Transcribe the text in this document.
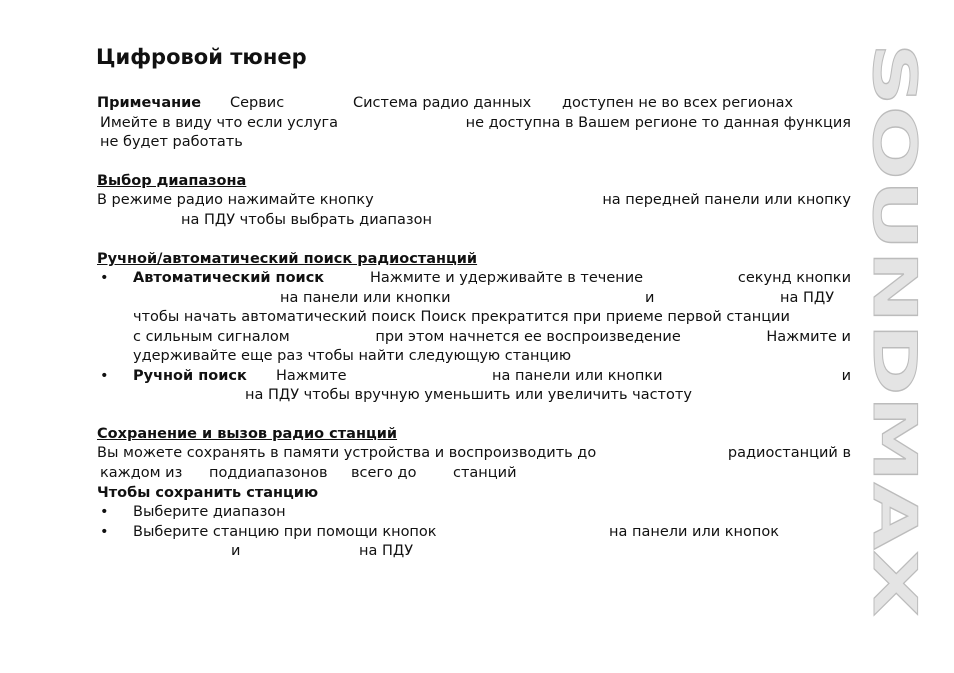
Цифровой тюнер
Примечание Сервис	Система радио данных доступен не во всех регионах
Имейте в виду что если услуга	не доступна в Вашем регионе то данная функция
не будет работать
Выбор диапазона
В режиме радио нажимайте кнопку	на передней панели или кнопку
на ПДУ чтобы выбрать диапазон
Ручной/автоматический поиск радиостанций
• Автоматический поиск	Нажмите и удерживайте в течение	секунд кнопки
на панели или кнопки	и	на ПДУ
чтобы начать автоматический поиск Поиск прекратится при приеме первой станции
с сильным сигналом	при этом начнется ее воспроизведение	Нажмите и
удерживайте еще раз чтобы найти следующую станцию
• Ручной поиск Нажмите	на панели или кнопки	и
на ПДУ чтобы вручную уменьшить или увеличить частоту
Сохранение и вызов радио станций
Вы можете сохранять в памяти устройства и воспроизводить до	радиостанций в
каждом из поддиапазонов всего до	станций
Чтобы сохранить станцию
• Выберите диапазон
• Выберите станцию при помощи кнопок	на панели или кнопок
и	на ПДУ
SOUNDMAX
